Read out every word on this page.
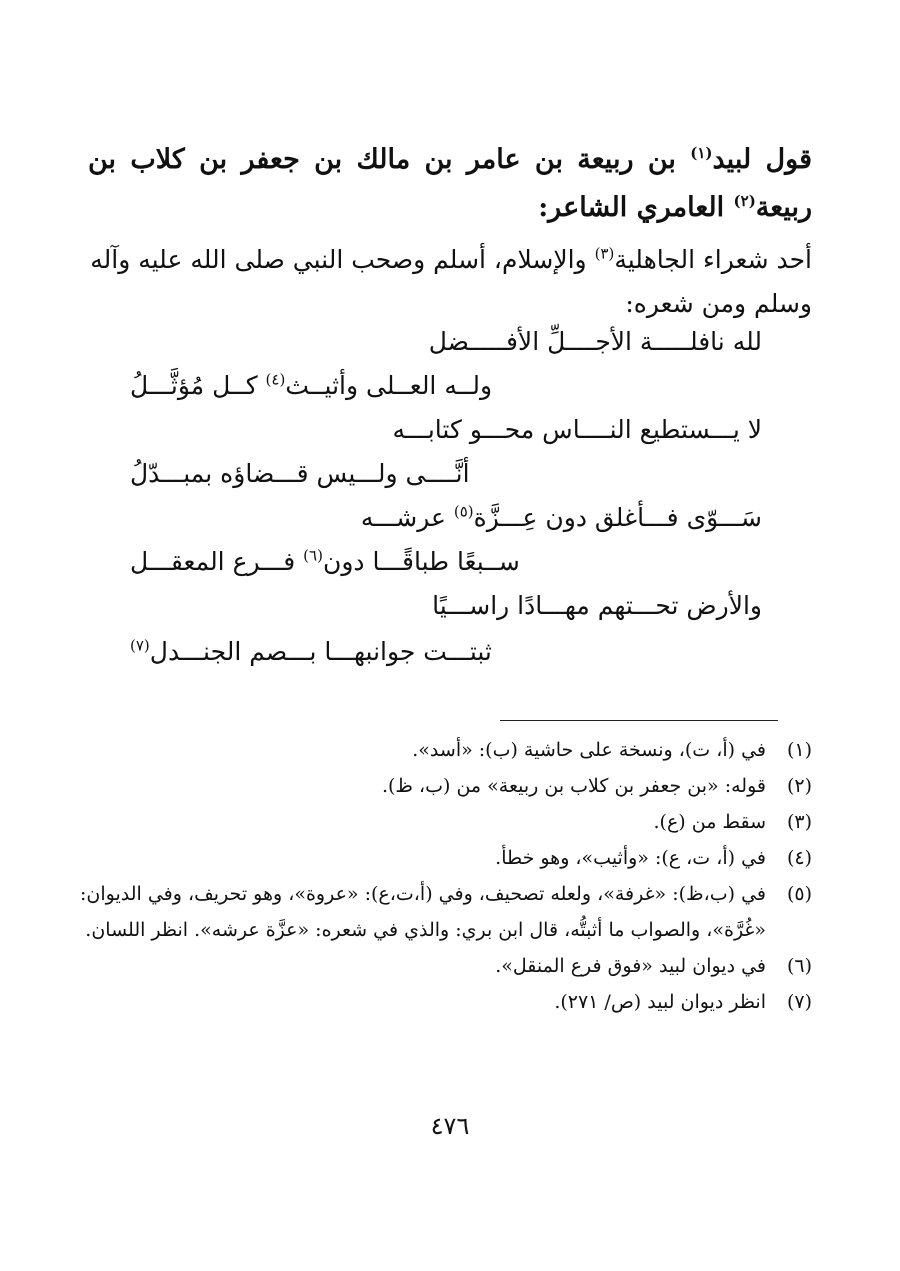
قول لبيد$^{(١)}$ بن ربيعة بن عامر بن مالك بن جعفر بن كلاب بن ربيعة$^{(٢)}$ العامري الشاعر:
أحد شعراء الجاهلية$^{(٣)}$ والإسلام، أسلم وصحب النبي صلى الله عليه وآله وسلم ومن شعره:
لله نافلـــــة الأجــــلِّ الأفـــــضل
ولــه العــلى وأثيــث$^{(٤)}$ كــل مُؤثَّـــلُ
لا يـــستطيع النــــاس محـــو كتابـــه
أنَّــــى ولـــيس قـــضاؤه بمبـــدّلُ
سَـــوّى فـــأغلق دون عِـــزَّة$^{(٥)}$ عرشـــه
ســبعًا طباقًـــا دون$^{(٦)}$ فـــرع المعقـــل
والأرض تحـــتهم مهـــادًا راســـيًا
ثبتـــت جوانبهـــا بـــصم الجنـــدل$^{(٧)}$
(١)
في (أ، ت)، ونسخة على حاشية (ب): «أسد».
(٢)
قوله: «بن جعفر بن كلاب بن ربيعة» من (ب، ظ).
(٣)
سقط من (ع).
(٤)
في (أ، ت، ع): «وأثيب»، وهو خطأ.
(٥)
في (ب،ظ): «غرفة»، ولعله تصحيف، وفي (أ،ت،ع): «عروة»، وهو تحريف، وفي الديوان: «غُرَّة»، والصواب ما أثبتُّه، قال ابن بري: والذي في شعره: «عزَّة عرشه». انظر اللسان.
(٦)
في ديوان لبيد «فوق فرع المنقل».
(٧)
انظر ديوان لبيد (ص/ ٢٧١).
٤٧٦
